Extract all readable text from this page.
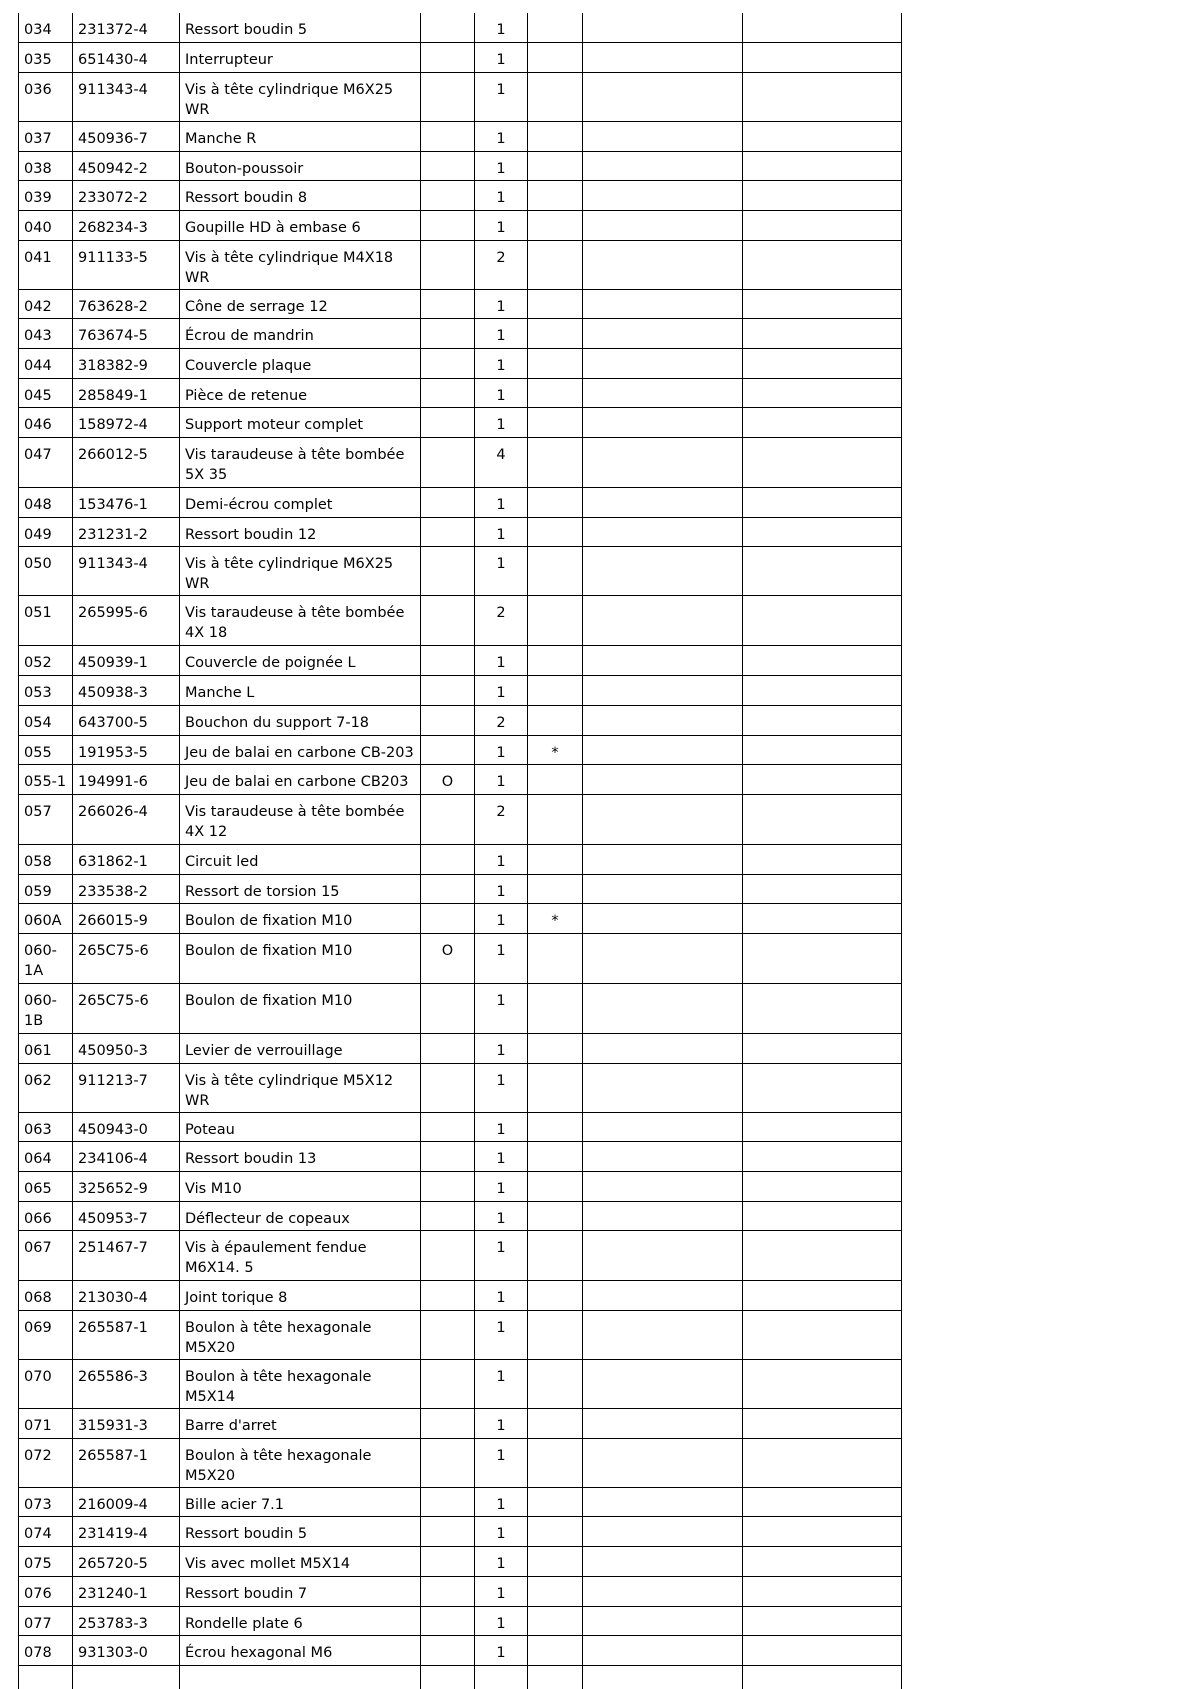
034	231372-4	Ressort boudin 5		1			
035	651430-4	Interrupteur		1			
036	911343-4	Vis à tête cylindrique M6X25 WR		1			
037	450936-7	Manche R		1			
038	450942-2	Bouton-poussoir		1			
039	233072-2	Ressort boudin 8		1			
040	268234-3	Goupille HD à embase 6		1			
041	911133-5	Vis à tête cylindrique M4X18 WR		2			
042	763628-2	Cône de serrage 12		1			
043	763674-5	Écrou de mandrin		1			
044	318382-9	Couvercle plaque		1			
045	285849-1	Pièce de retenue		1			
046	158972-4	Support moteur complet		1			
047	266012-5	Vis taraudeuse à tête bombée 5X 35		4			
048	153476-1	Demi-écrou complet		1			
049	231231-2	Ressort boudin 12		1			
050	911343-4	Vis à tête cylindrique M6X25 WR		1			
051	265995-6	Vis taraudeuse à tête bombée 4X 18		2			
052	450939-1	Couvercle de poignée L		1			
053	450938-3	Manche L		1			
054	643700-5	Bouchon du support 7-18		2			
055	191953-5	Jeu de balai en carbone CB-203		1	*		
055-1	194991-6	Jeu de balai en carbone CB203	O	1			
057	266026-4	Vis taraudeuse à tête bombée 4X 12		2			
058	631862-1	Circuit led		1			
059	233538-2	Ressort de torsion 15		1			
060A	266015-9	Boulon de fixation M10		1	*		
060-1A	265C75-6	Boulon de fixation M10	O	1			
060-1B	265C75-6	Boulon de fixation M10		1			
061	450950-3	Levier de verrouillage		1			
062	911213-7	Vis à tête cylindrique M5X12 WR		1			
063	450943-0	Poteau		1			
064	234106-4	Ressort boudin 13		1			
065	325652-9	Vis M10		1			
066	450953-7	Déflecteur de copeaux		1			
067	251467-7	Vis à épaulement fendue M6X14. 5		1			
068	213030-4	Joint torique 8		1			
069	265587-1	Boulon à tête hexagonale M5X20		1			
070	265586-3	Boulon à tête hexagonale M5X14		1			
071	315931-3	Barre d'arret		1			
072	265587-1	Boulon à tête hexagonale M5X20		1			
073	216009-4	Bille acier 7.1		1			
074	231419-4	Ressort boudin 5		1			
075	265720-5	Vis avec mollet M5X14		1			
076	231240-1	Ressort boudin 7		1			
077	253783-3	Rondelle plate 6		1			
078	931303-0	Écrou hexagonal M6		1			
